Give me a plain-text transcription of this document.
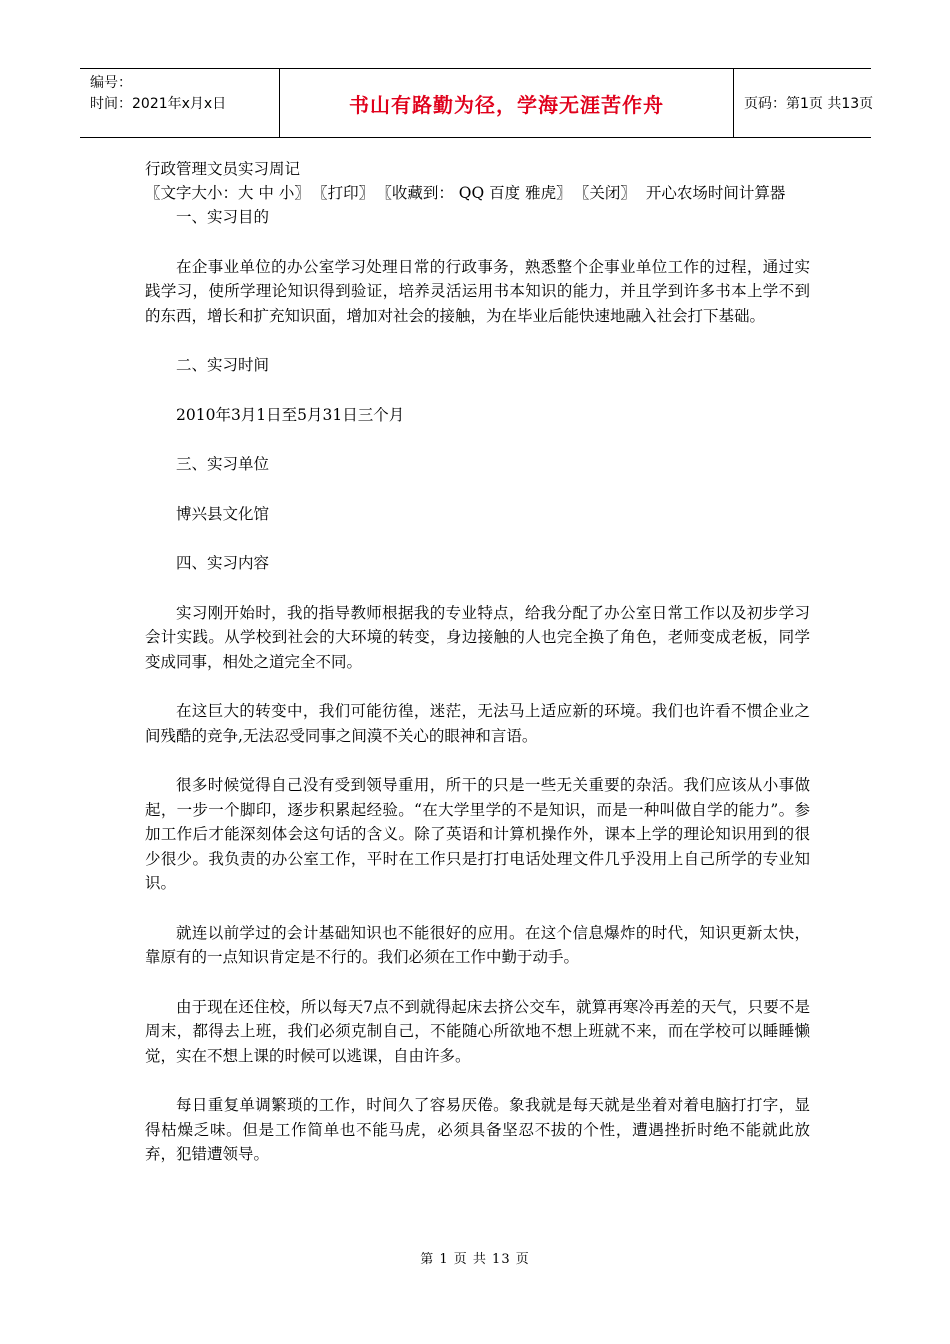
编号：
时间：2021年x月x日	书山有路勤为径，学海无涯苦作舟	页码：第1页 共13页
行政管理文员实习周记
〖文字大小：大 中 小〗 〖打印〗 〖收藏到： QQ 百度 雅虎〗 〖关闭〗 开心农场时间计算器

一、实习目的

在企事业单位的办公室学习处理日常的行政事务，熟悉整个企事业单位工作的过程，通过实践学习，使所学理论知识得到验证，培养灵活运用书本知识的能力，并且学到许多书本上学不到的东西，增长和扩充知识面，增加对社会的接触，为在毕业后能快速地融入社会打下基础。

二、实习时间

2010年3月1日至5月31日三个月

三、实习单位

博兴县文化馆

四、实习内容

实习刚开始时，我的指导教师根据我的专业特点，给我分配了办公室日常工作以及初步学习会计实践。从学校到社会的大环境的转变，身边接触的人也完全换了角色，老师变成老板，同学变成同事，相处之道完全不同。

在这巨大的转变中，我们可能彷徨，迷茫，无法马上适应新的环境。我们也许看不惯企业之间残酷的竞争,无法忍受同事之间漠不关心的眼神和言语。

很多时候觉得自己没有受到领导重用，所干的只是一些无关重要的杂活。我们应该从小事做起，一步一个脚印，逐步积累起经验。“在大学里学的不是知识，而是一种叫做自学的能力”。参加工作后才能深刻体会这句话的含义。除了英语和计算机操作外，课本上学的理论知识用到的很少很少。我负责的办公室工作，平时在工作只是打打电话处理文件几乎没用上自己所学的专业知识。

就连以前学过的会计基础知识也不能很好的应用。在这个信息爆炸的时代，知识更新太快，靠原有的一点知识肯定是不行的。我们必须在工作中勤于动手。

由于现在还住校，所以每天7点不到就得起床去挤公交车，就算再寒冷再差的天气，只要不是周末，都得去上班，我们必须克制自己，不能随心所欲地不想上班就不来，而在学校可以睡睡懒觉，实在不想上课的时候可以逃课，自由许多。

每日重复单调繁琐的工作，时间久了容易厌倦。象我就是每天就是坐着对着电脑打打字，显得枯燥乏味。但是工作简单也不能马虎，必须具备坚忍不拔的个性，遭遇挫折时绝不能就此放弃，犯错遭领导。

第 1 页 共 13 页
